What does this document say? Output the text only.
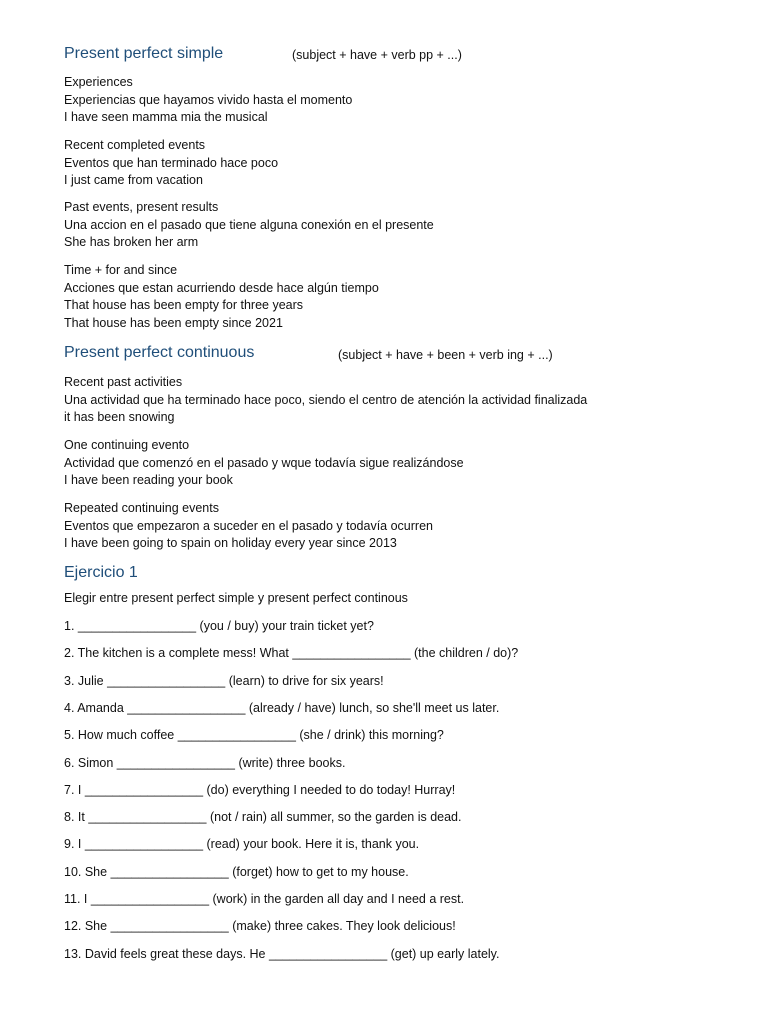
Present perfect simple	(subject + have + verb pp + ...)
Experiences
Experiencias que hayamos vivido hasta el momento
I have seen mamma mia the musical
Recent completed events
Eventos que han terminado hace poco
I just came from vacation
Past events, present results
Una accion en el pasado que tiene alguna conexión en el presente
She has broken her arm
Time + for and since
Acciones que estan acurriendo desde hace algún tiempo
That house has been empty for three years
That house has been empty since 2021
Present perfect continuous	(subject + have + been + verb ing + ...)
Recent past activities
Una actividad que ha terminado hace poco, siendo el centro de atención la actividad finalizada
it has been snowing
One continuing evento
Actividad que comenzó en el pasado y wque todavía sigue realizándose
I have been reading your book
Repeated continuing events
Eventos que empezaron a suceder en el pasado y todavía ocurren
I have been going to spain on holiday every year since 2013
Ejercicio 1
Elegir entre present perfect simple y present perfect continous
1. _________________ (you / buy) your train ticket yet?
2. The kitchen is a complete mess! What _________________ (the children / do)?
3. Julie _________________ (learn) to drive for six years!
4. Amanda _________________ (already / have) lunch, so she'll meet us later.
5. How much coffee _________________ (she / drink) this morning?
6. Simon _________________ (write) three books.
7. I _________________ (do) everything I needed to do today! Hurray!
8. It _________________ (not / rain) all summer, so the garden is dead.
9. I _________________ (read) your book. Here it is, thank you.
10. She _________________ (forget) how to get to my house.
11. I _________________ (work) in the garden all day and I need a rest.
12. She _________________ (make) three cakes. They look delicious!
13. David feels great these days. He _________________ (get) up early lately.
